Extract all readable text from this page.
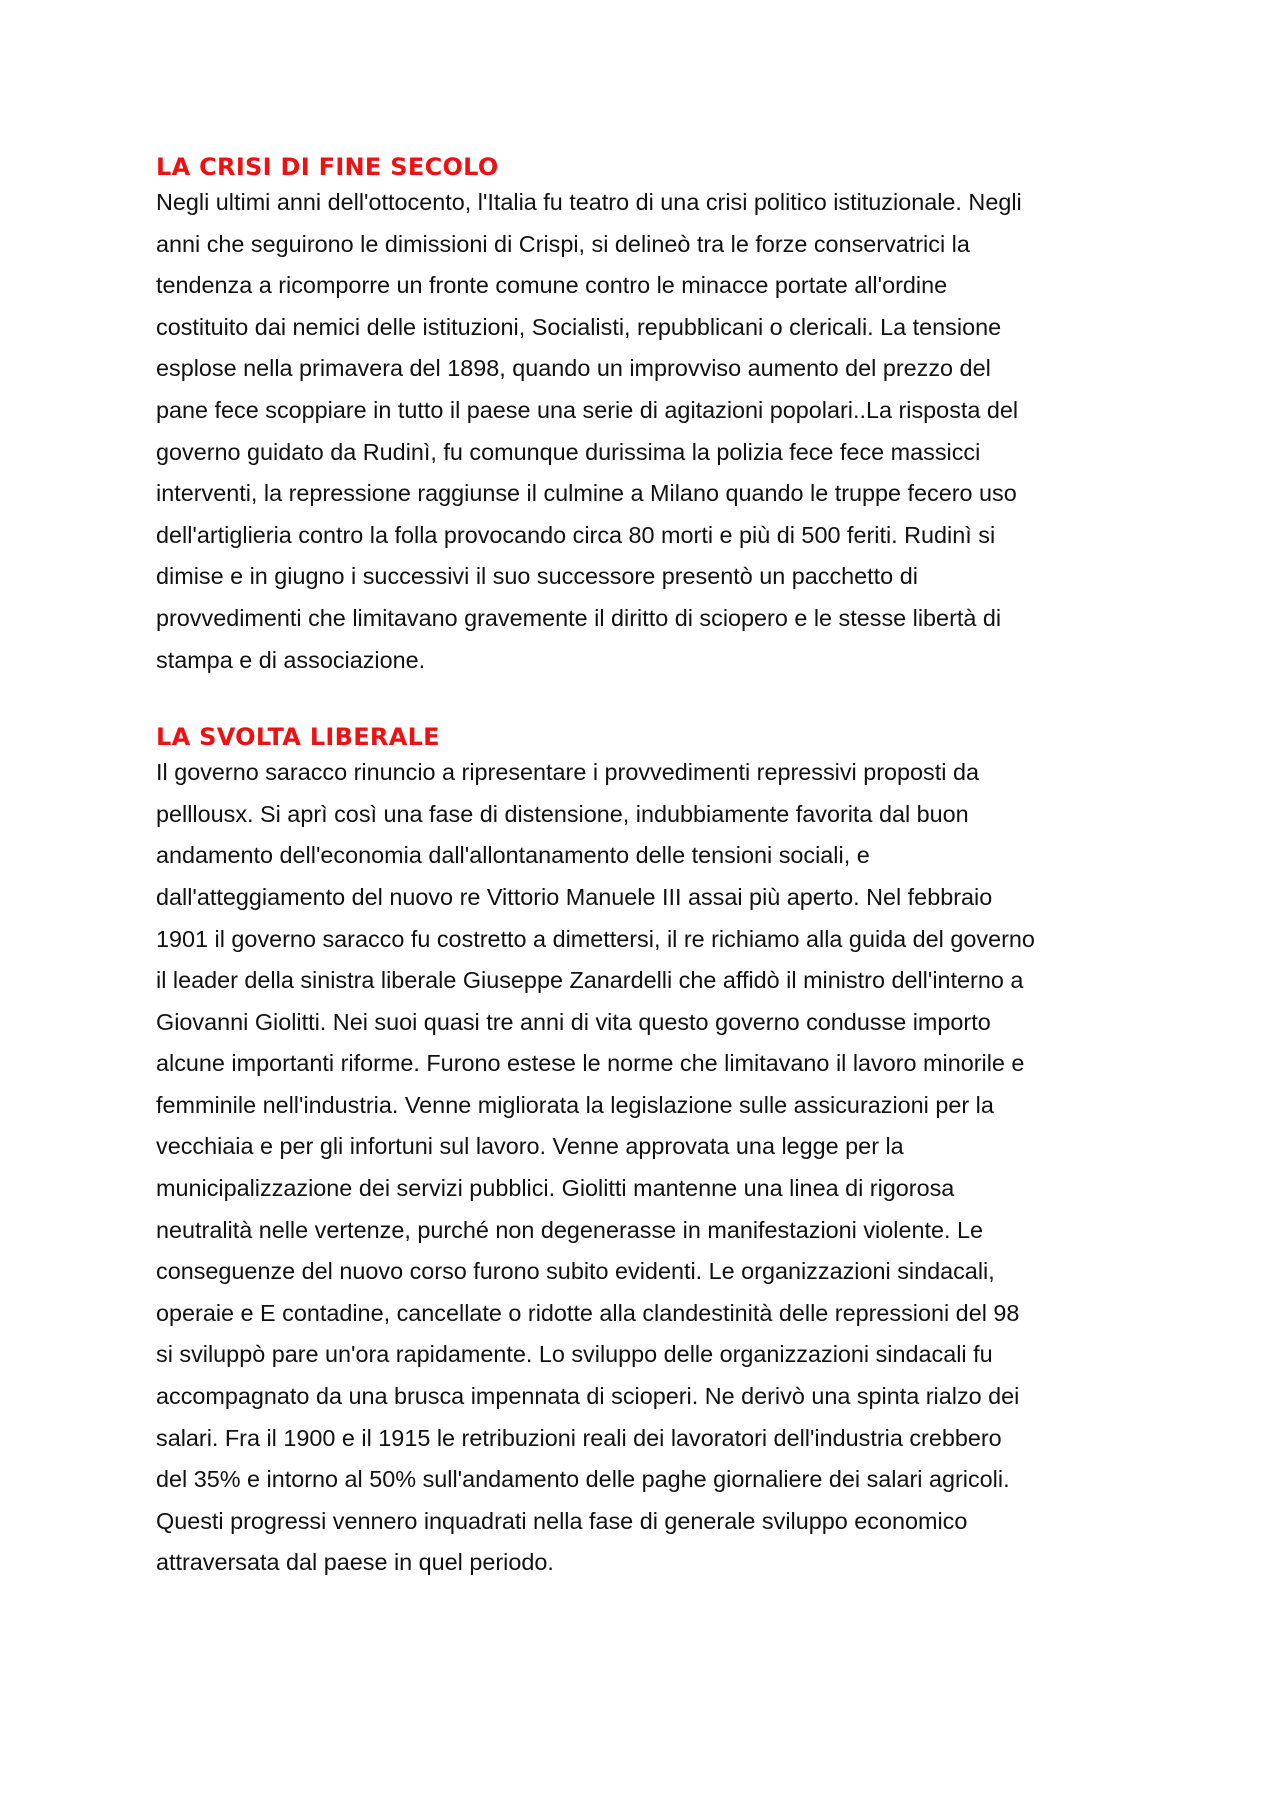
LA CRISI DI FINE SECOLO

Negli ultimi anni dell'ottocento, l'Italia fu teatro di una crisi politico istituzionale. Negli
anni che seguirono le dimissioni di Crispi, si delineò tra le forze conservatrici la
tendenza a ricomporre un fronte comune contro le minacce portate all'ordine
costituito dai nemici delle istituzioni, Socialisti, repubblicani o clericali. La tensione
esplose nella primavera del 1898, quando un improvviso aumento del prezzo del
pane fece scoppiare in tutto il paese una serie di agitazioni popolari..La risposta del
governo guidato da Rudinì, fu comunque durissima la polizia fece fece massicci
interventi, la repressione raggiunse il culmine a Milano quando le truppe fecero uso
dell'artiglieria contro la folla provocando circa 80 morti e più di 500 feriti. Rudinì si
dimise e in giugno i successivi il suo successore presentò un pacchetto di
provvedimenti che limitavano gravemente il diritto di sciopero e le stesse libertà di
stampa e di associazione.

LA SVOLTA LIBERALE

Il governo saracco rinuncio a ripresentare i provvedimenti repressivi proposti da
pelllousx. Si aprì così una fase di distensione, indubbiamente favorita dal buon
andamento dell'economia dall'allontanamento delle tensioni sociali, e
dall'atteggiamento del nuovo re Vittorio Manuele III assai più aperto. Nel febbraio
1901 il governo saracco fu costretto a dimettersi, il re richiamo alla guida del governo
il leader della sinistra liberale Giuseppe Zanardelli che affidò il ministro dell'interno a
Giovanni Giolitti. Nei suoi quasi tre anni di vita questo governo condusse importo
alcune importanti riforme. Furono estese le norme che limitavano il lavoro minorile e
femminile nell'industria. Venne migliorata la legislazione sulle assicurazioni per la
vecchiaia e per gli infortuni sul lavoro. Venne approvata una legge per la
municipalizzazione dei servizi pubblici. Giolitti mantenne una linea di rigorosa
neutralità nelle vertenze, purché non degenerasse in manifestazioni violente. Le
conseguenze del nuovo corso furono subito evidenti. Le organizzazioni sindacali,
operaie e E contadine, cancellate o ridotte alla clandestinità delle repressioni del 98
si sviluppò pare un'ora rapidamente. Lo sviluppo delle organizzazioni sindacali fu
accompagnato da una brusca impennata di scioperi. Ne derivò una spinta rialzo dei
salari. Fra il 1900 e il 1915 le retribuzioni reali dei lavoratori dell'industria crebbero
del 35% e intorno al 50% sull'andamento delle paghe giornaliere dei salari agricoli.
Questi progressi vennero inquadrati nella fase di generale sviluppo economico
attraversata dal paese in quel periodo.
